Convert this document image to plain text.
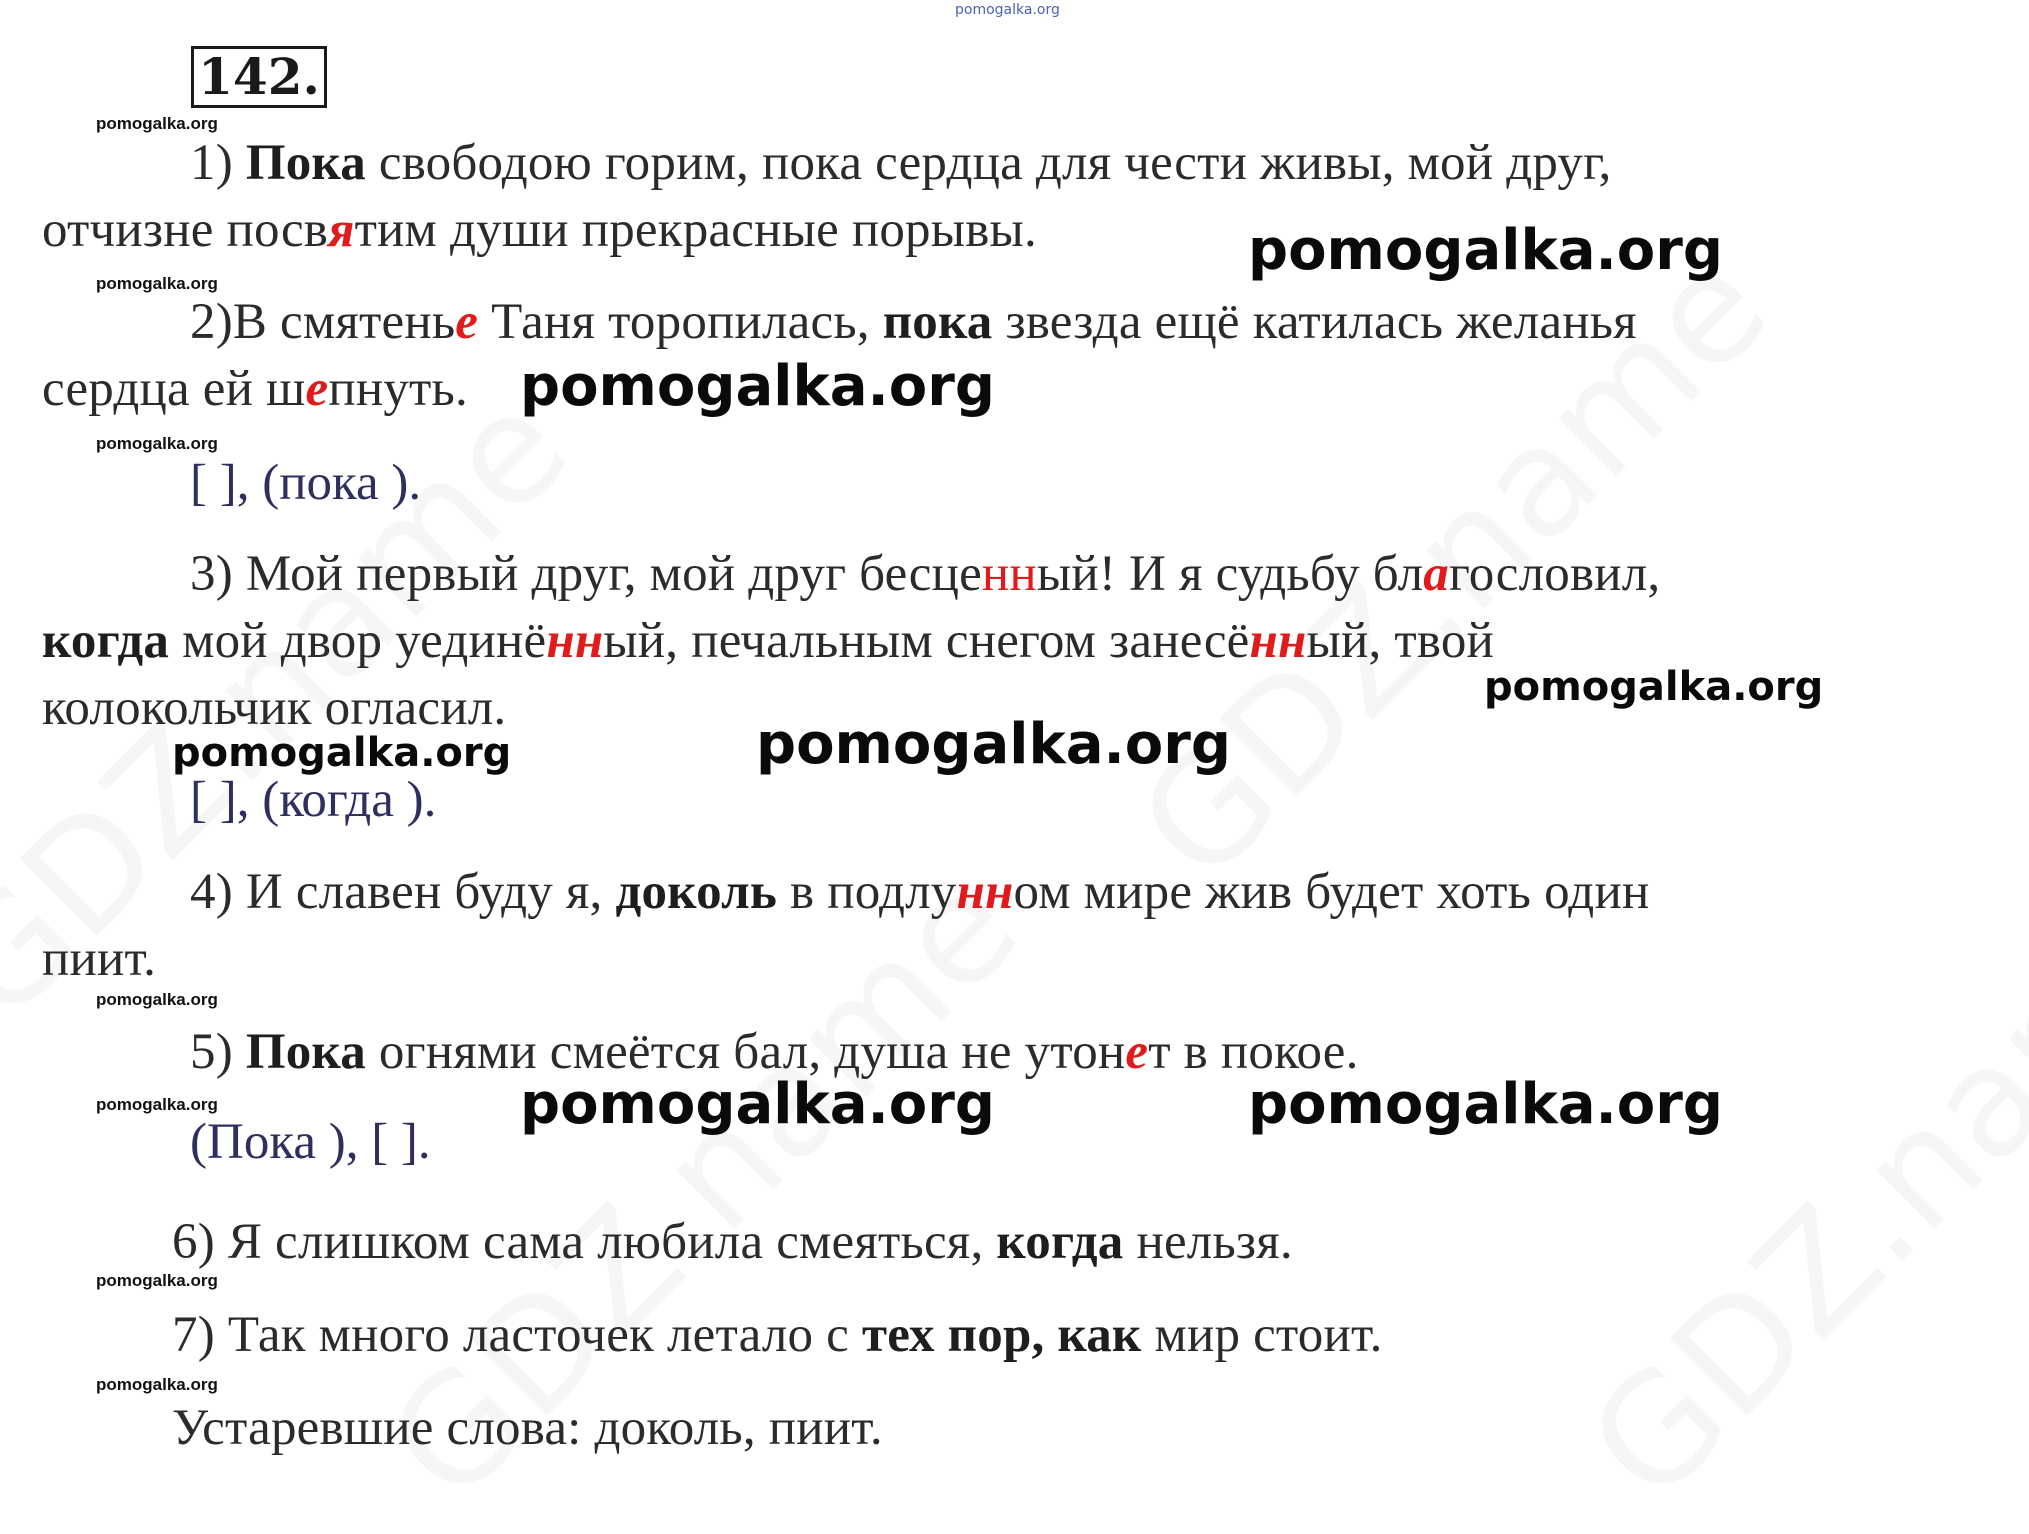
pomogalka.org
142.
pomogalka.org
pomogalka.org
pomogalka.org
pomogalka.org
pomogalka.org
pomogalka.org
pomogalka.org
1) Пока свободою горим, пока сердца для чести живы, мой друг,
отчизне посвятим души прекрасные порывы.	pomogalka.org
2)В смятенье Таня торопилась, пока звезда ещё катилась желанья
сердца ей шепнуть. pomogalka.org
[ ], (пока ).
3) Мой первый друг, мой друг бесценный! И я судьбу благословил,
когда мой двор уединённый, печальным снегом занесённый, твой
колокольчик огласил.	pomogalka.org
pomogalka.org	pomogalka.org
[ ], (когда ).
4) И славен буду я, доколь в подлунном мире жив будет хоть один
пиит.
5) Пока огнями смеётся бал, душа не утонет в покое.
pomogalka.org	pomogalka.org
(Пока ), [ ].
6) Я слишком сама любила смеяться, когда нельзя.
7) Так много ласточек летало с тех пор, как мир стоит.
Устаревшие слова: доколь, пиит.
